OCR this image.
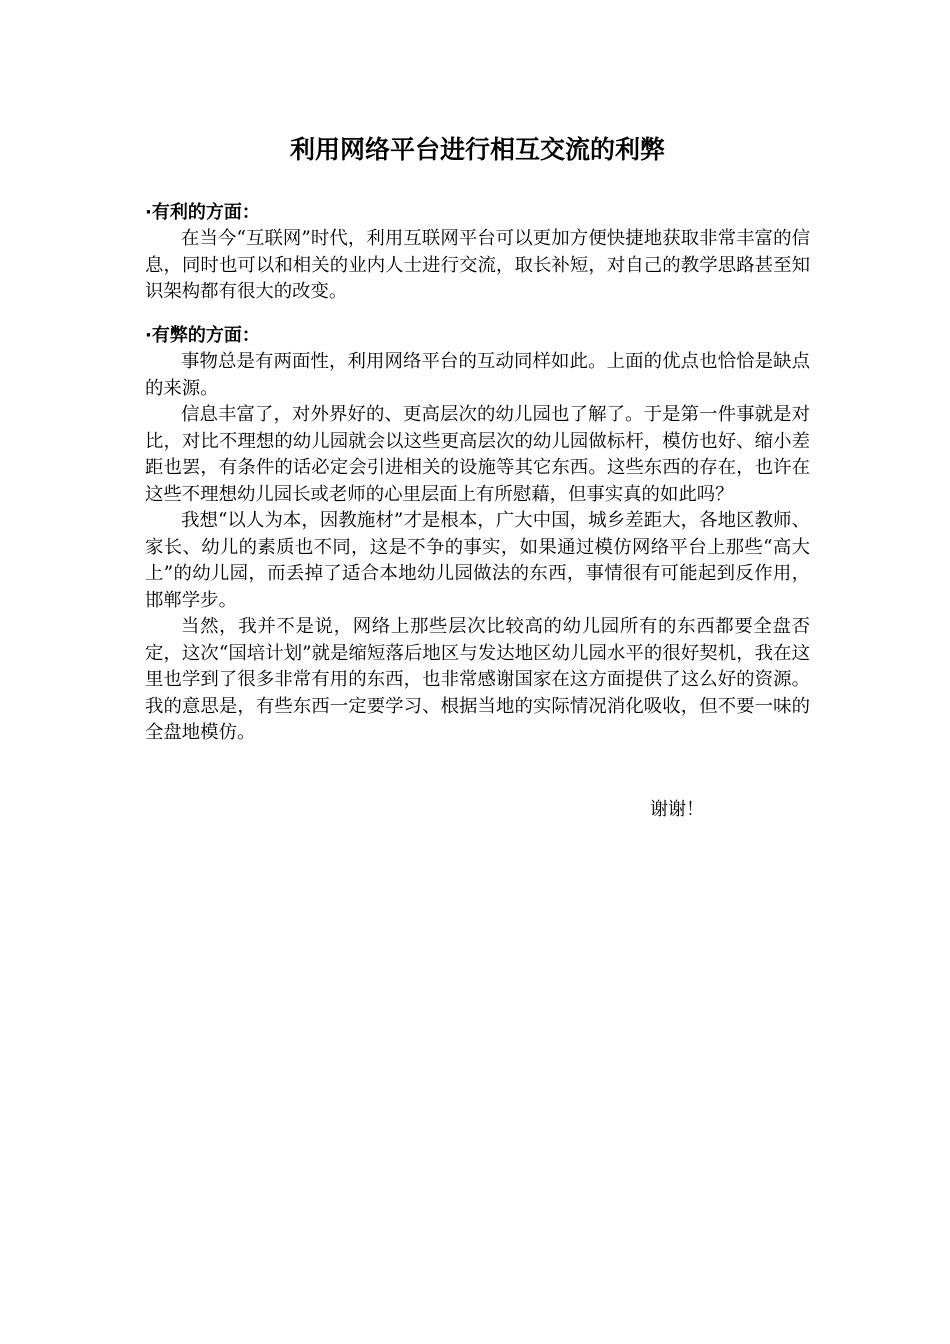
利用网络平台进行相互交流的利弊

·有利的方面：

在当今“互联网”时代，利用互联网平台可以更加方便快捷地获取非常丰富的信息，同时也可以和相关的业内人士进行交流，取长补短，对自己的教学思路甚至知识架构都有很大的改变。

·有弊的方面：

事物总是有两面性，利用网络平台的互动同样如此。上面的优点也恰恰是缺点的来源。

信息丰富了，对外界好的、更高层次的幼儿园也了解了。于是第一件事就是对比，对比不理想的幼儿园就会以这些更高层次的幼儿园做标杆，模仿也好、缩小差距也罢，有条件的话必定会引进相关的设施等其它东西。这些东西的存在，也许在这些不理想幼儿园长或老师的心里层面上有所慰藉，但事实真的如此吗？

我想“以人为本，因教施材”才是根本，广大中国，城乡差距大，各地区教师、家长、幼儿的素质也不同，这是不争的事实，如果通过模仿网络平台上那些“高大上”的幼儿园，而丢掉了适合本地幼儿园做法的东西，事情很有可能起到反作用，邯郸学步。

当然，我并不是说，网络上那些层次比较高的幼儿园所有的东西都要全盘否定，这次“国培计划”就是缩短落后地区与发达地区幼儿园水平的很好契机，我在这里也学到了很多非常有用的东西，也非常感谢国家在这方面提供了这么好的资源。我的意思是，有些东西一定要学习、根据当地的实际情况消化吸收，但不要一味的全盘地模仿。

谢谢！
